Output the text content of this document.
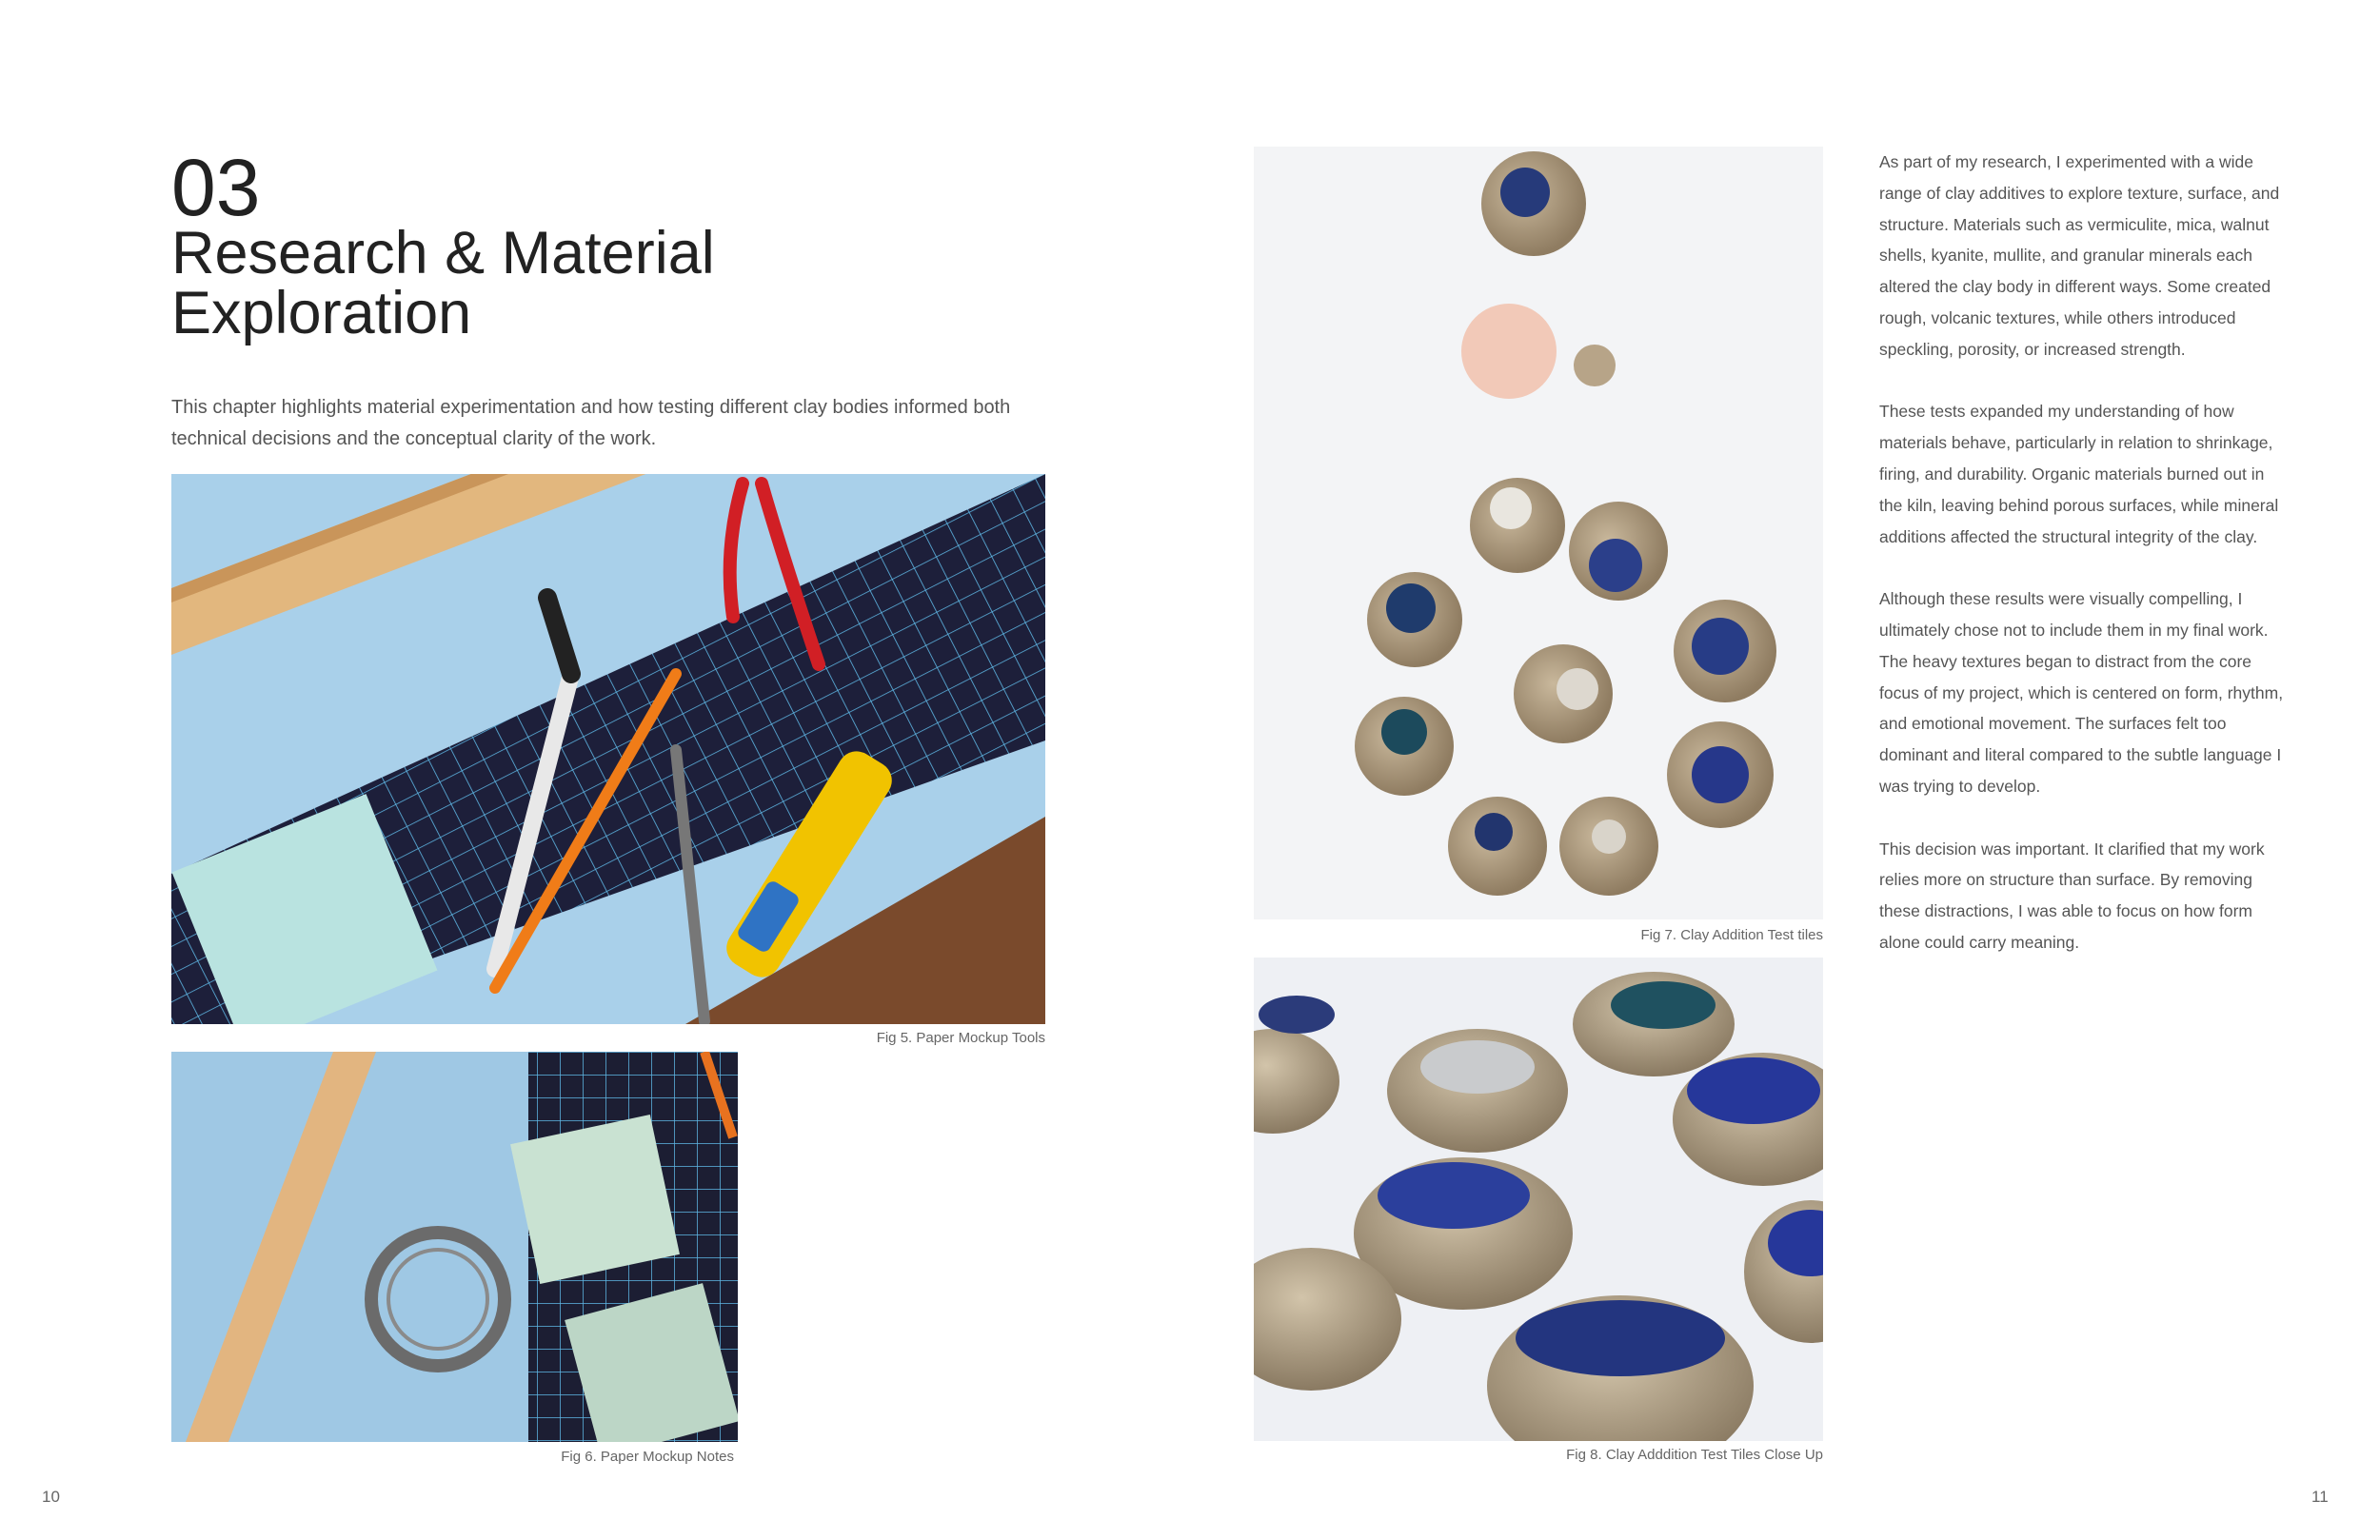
03
Research & Material
Exploration
This chapter highlights material experimentation and how testing different clay bodies informed both technical decisions and the conceptual clarity of the work.
Fig 5. Paper Mockup Tools
Fig 6. Paper Mockup Notes
10
Fig 7. Clay Addition Test tiles
Fig 8. Clay Adddition Test Tiles Close Up

As part of my research, I experimented with a wide range of clay additives to explore texture, surface, and structure. Materials such as vermiculite, mica, walnut shells, kyanite, mullite, and granular minerals each altered the clay body in different ways. Some created rough, volcanic textures, while others introduced speckling, porosity, or increased strength.

These tests expanded my understanding of how materials behave, particularly in relation to shrinkage, firing, and durability. Organic materials burned out in the kiln, leaving behind porous surfaces, while mineral additions affected the structural integrity of the clay.

Although these results were visually compelling, I ultimately chose not to include them in my final work. The heavy textures began to distract from the core focus of my project, which is centered on form, rhythm, and emotional movement. The surfaces felt too dominant and literal compared to the subtle language I was trying to develop.

This decision was important. It clarified that my work relies more on structure than surface. By removing these distractions, I was able to focus on how form alone could carry meaning.

11
